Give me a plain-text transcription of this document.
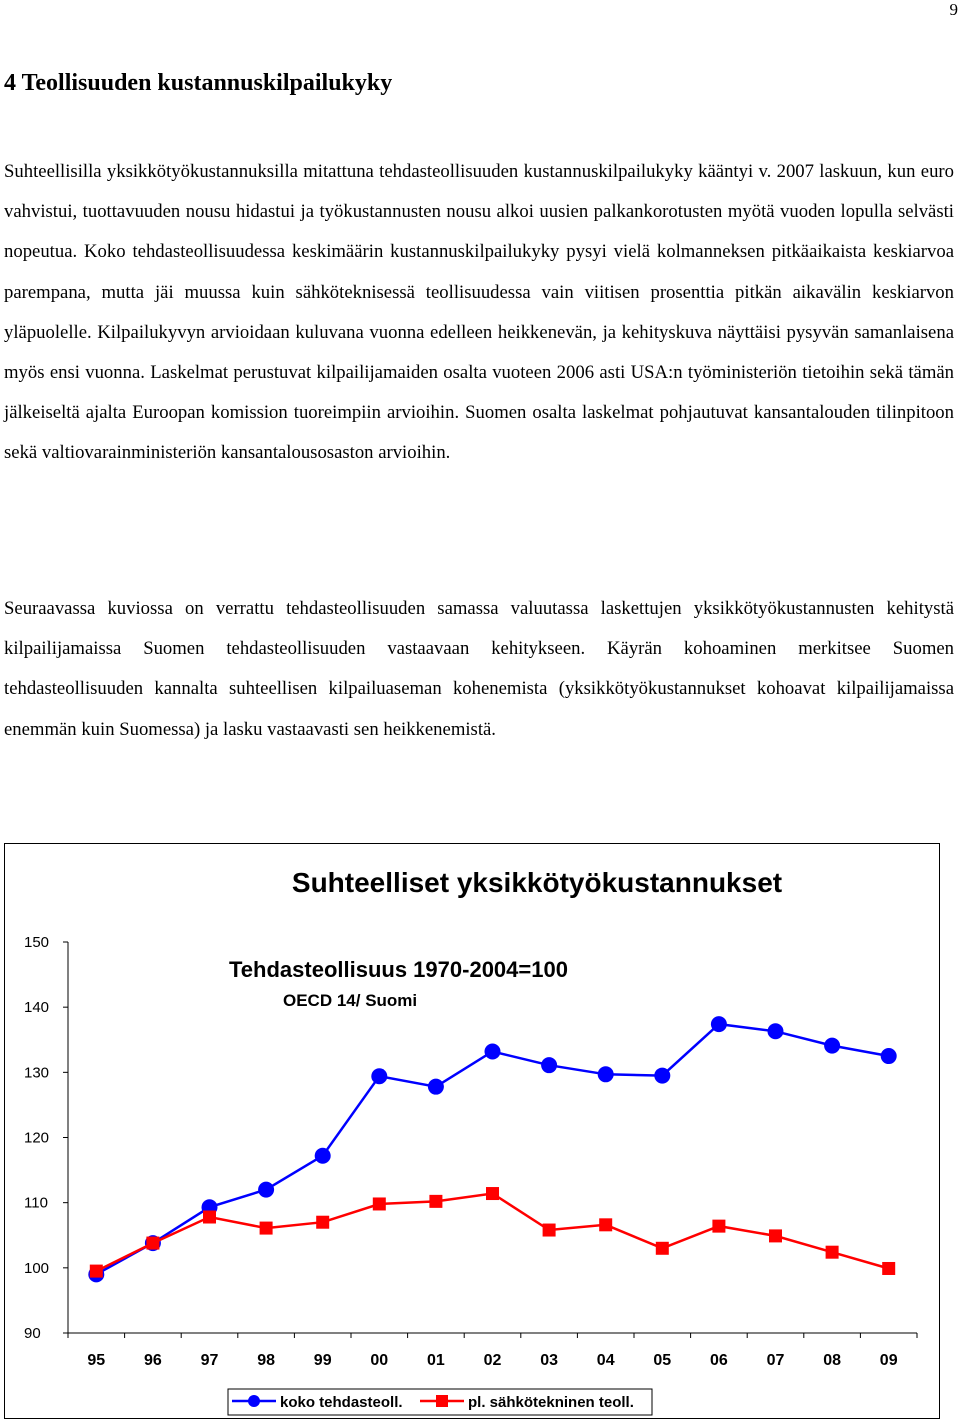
9
4 Teollisuuden kustannuskilpailukyky

Suhteellisilla yksikkötyökustannuksilla mitattuna tehdasteollisuuden kustannuskilpailukyky kääntyi v. 2007 laskuun, kun euro vahvistui, tuottavuuden nousu hidastui ja työkustannusten nousu alkoi uusien palkankorotusten myötä vuoden lopulla selvästi nopeutua. Koko tehdasteollisuudessa keskimäärin kustannuskilpailukyky pysyi vielä kolmanneksen pitkäaikaista keskiarvoa parempana, mutta jäi muussa kuin sähköteknisessä teollisuudessa vain viitisen prosenttia pitkän aikavälin keskiarvon yläpuolelle. Kilpailukyvyn arvioidaan kuluvana vuonna edelleen heikkenevän, ja kehityskuva näyttäisi pysyvän samanlaisena myös ensi vuonna. Laskelmat perustuvat kilpailijamaiden osalta vuoteen 2006 asti USA:n työministeriön tietoihin sekä tämän jälkeiseltä ajalta Euroopan komission tuoreimpiin arvioihin. Suomen osalta laskelmat pohjautuvat kansantalouden tilinpitoon sekä valtiovarainministeriön kansantalousosaston arvioihin.

Seuraavassa kuviossa on verrattu tehdasteollisuuden samassa valuutassa laskettujen yksikkötyökustannusten kehitystä kilpailijamaissa Suomen tehdasteollisuuden vastaavaan kehitykseen. Käyrän kohoaminen merkitsee Suomen tehdasteollisuuden kannalta suhteellisen kilpailuaseman kohenemista (yksikkötyökustannukset kohoavat kilpailijamaissa enemmän kuin Suomessa) ja lasku vastaavasti sen heikkenemistä.

Suhteelliset yksikkötyökustannukset
Tehdasteollisuus 1970-2004=100
OECD 14/ Suomi
90
100
110
120
130
140
150
95 96 97 98 99 00 01 02 03 04 05 06 07 08 09
koko tehdasteoll.	pl. sähkötekninen teoll.
